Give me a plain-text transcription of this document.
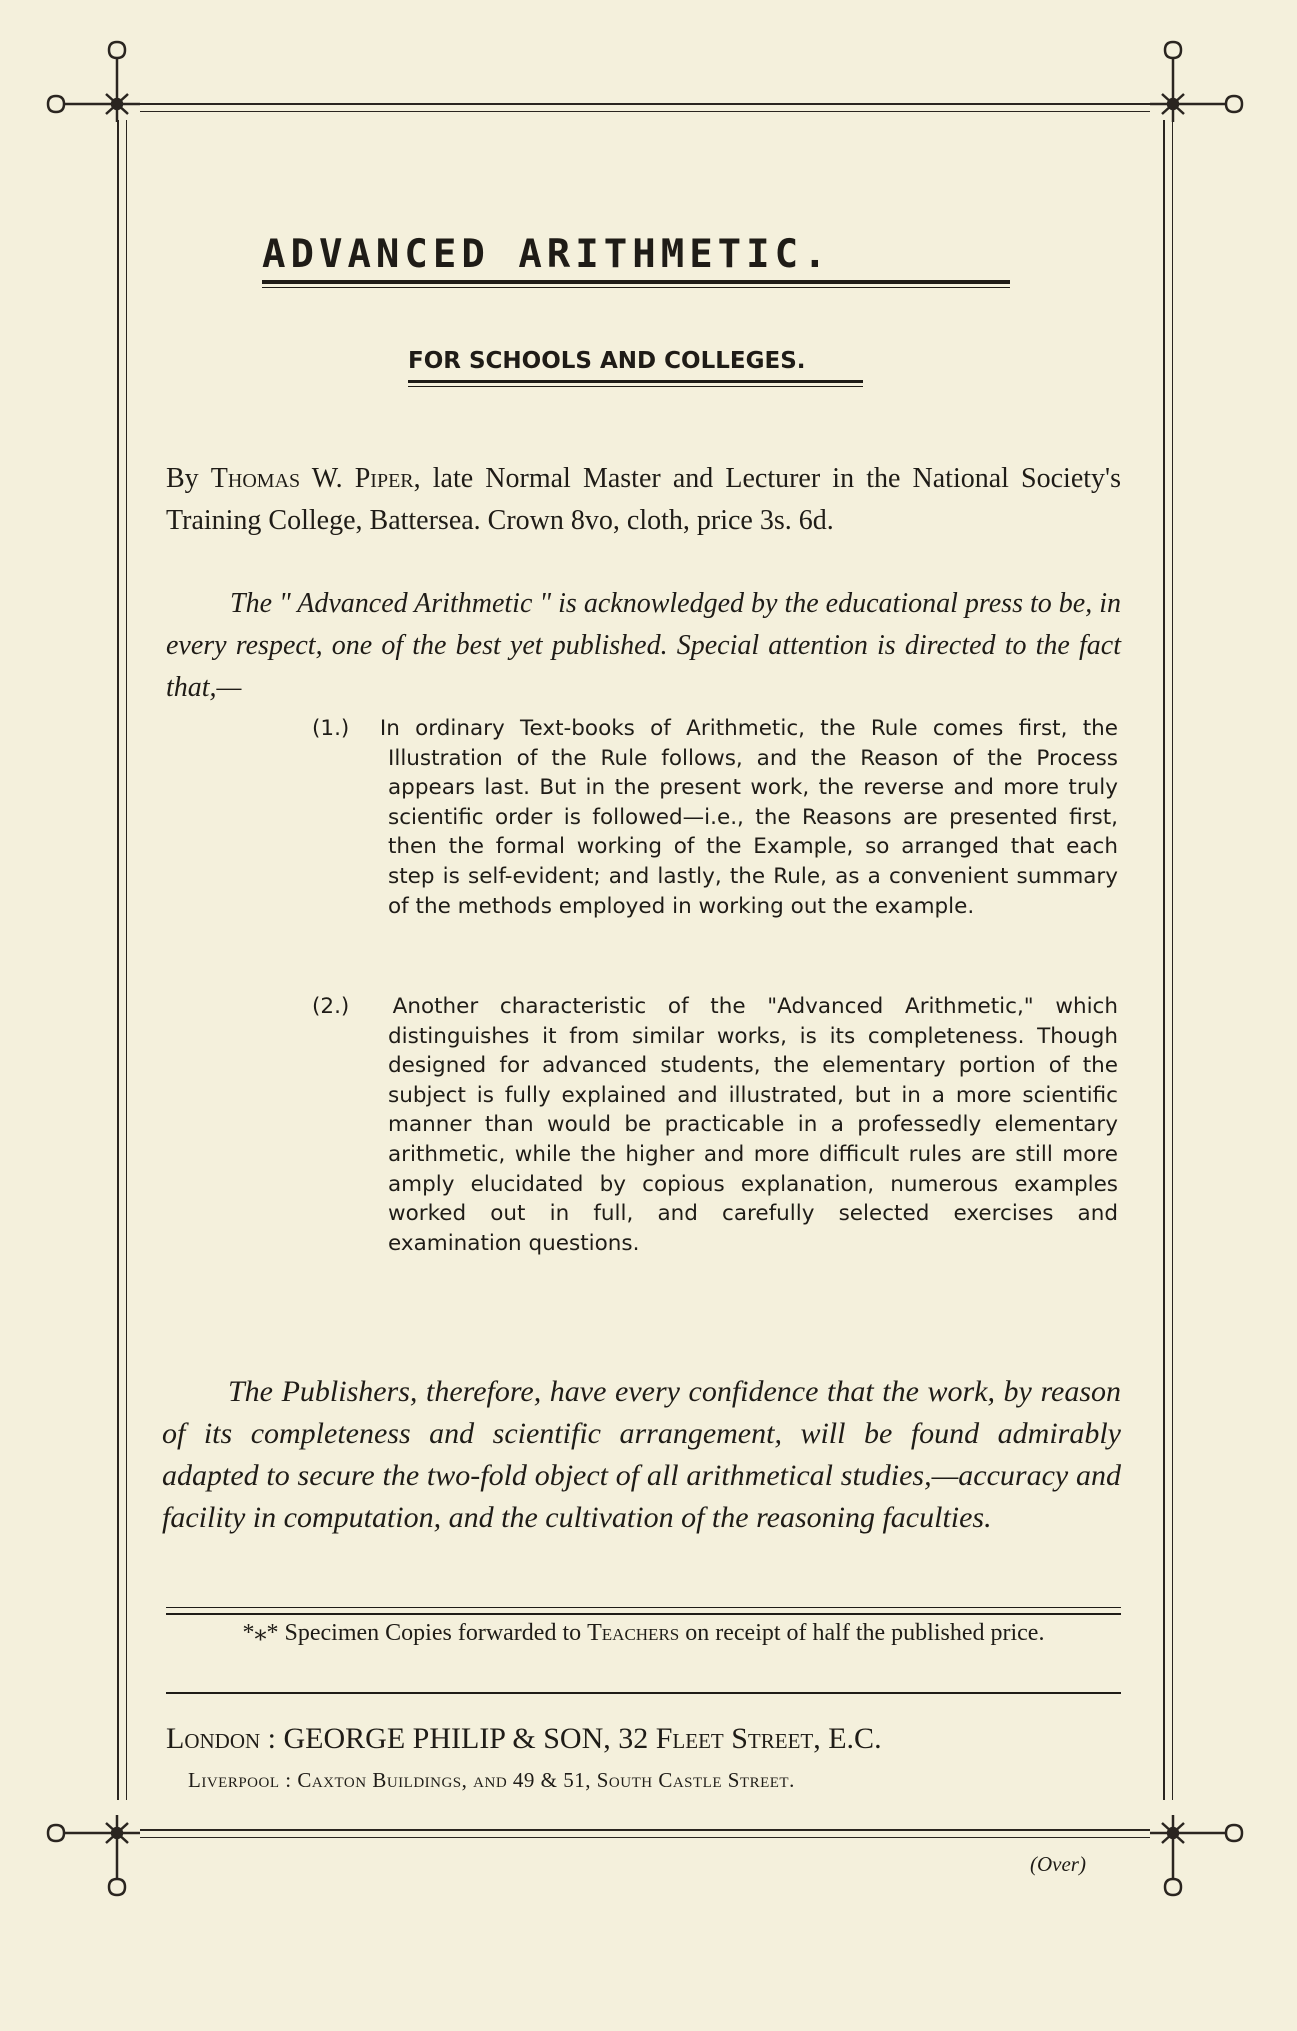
ADVANCED ARITHMETIC.
FOR SCHOOLS AND COLLEGES.
By Thomas W. Piper, late Normal Master and Lecturer in the National Society's Training College, Battersea. Crown 8vo, cloth, price 3s. 6d.
The " Advanced Arithmetic " is acknowledged by the educational press to be, in every respect, one of the best yet published. Special attention is directed to the fact that,—
(1.) In ordinary Text-books of Arithmetic, the Rule comes first, the Illustration of the Rule follows, and the Reason of the Process appears last. But in the present work, the reverse and more truly scientific order is followed—i.e., the Reasons are presented first, then the formal working of the Example, so arranged that each step is self-evident; and lastly, the Rule, as a convenient summary of the methods employed in working out the example.
(2.) Another characteristic of the "Advanced Arithmetic," which distinguishes it from similar works, is its completeness. Though designed for advanced students, the elementary portion of the subject is fully explained and illustrated, but in a more scientific manner than would be practicable in a professedly elementary arithmetic, while the higher and more difficult rules are still more amply elucidated by copious explanation, numerous examples worked out in full, and carefully selected exercises and examination questions.
The Publishers, therefore, have every confidence that the work, by reason of its completeness and scientific arrangement, will be found admirably adapted to secure the two-fold object of all arithmetical studies,—accuracy and facility in computation, and the cultivation of the reasoning faculties.
*⁎* Specimen Copies forwarded to Teachers on receipt of half the published price.
London : GEORGE PHILIP & SON, 32 Fleet Street, E.C.
Liverpool : Caxton Buildings, and 49 & 51, South Castle Street.
(Over)
